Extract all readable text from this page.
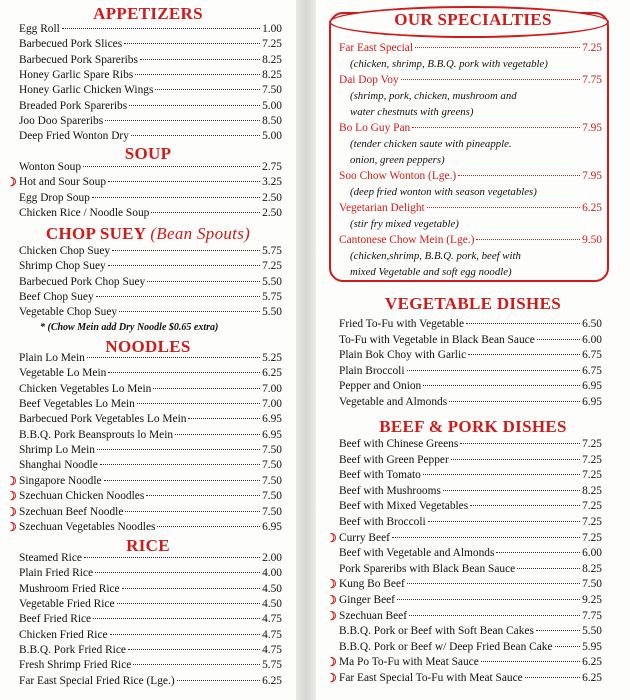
APPETIZERS
Egg Roll	1.00
Barbecued Pork Slices	7.25
Barbecued Pork Spareribs	8.25
Honey Garlic Spare Ribs	8.25
Honey Garlic Chicken Wings	7.50
Breaded Pork Spareribs	5.00
Joo Doo Spareribs	8.50
Deep Fried Wonton Dry	5.00
SOUP
Wonton Soup	2.75
Hot and Sour Soup	3.25
☽
Egg Drop Soup	2.50
Chicken Rice / Noodle Soup	2.50
CHOP SUEY (Bean Spouts)
Chicken Chop Suey	5.75
Shrimp Chop Suey	7.25
Barbecued Pork Chop Suey	5.50
Beef Chop Suey	5.75
Vegetable Chop Suey	5.50
* (Chow Mein add Dry Noodle $0.65 extra)
NOODLES
Plain Lo Mein	5.25
Vegetable Lo Mein	6.25
Chicken Vegetables Lo Mein	7.00
Beef Vegetables Lo Mein	7.00
Barbecued Pork Vegetables Lo Mein	6.95
B.B.Q. Pork Beansprouts lo Mein	6.95
Shrimp Lo Mein	7.50
Shanghai Noodle	7.50
Singapore Noodle	7.50
☽
Szechuan Chicken Noodles	7.50
☽
Szechuan Beef Noodle	7.50
☽
Szechuan Vegetables Noodles	6.95
☽
RICE
Steamed Rice	2.00
Plain Fried Rice	4.00
Mushroom Fried Rice	4.50
Vegetable Fried Rice	4.50
Beef Fried Rice	4.75
Chicken Fried Rice	4.75
B.B.Q. Pork Fried Rice	4.75
Fresh Shrimp Fried Rice	5.75
Far East Special Fried Rice (Lge.)	6.25
OUR SPECIALTIES
Far East Special	7.25
(chicken, shrimp, B.B.Q. pork with vegetable)
Dai Dop Voy	7.75
(shrimp, pork, chicken, mushroom and
water chestnuts with greens)
Bo Lo Guy Pan	7.95
(tender chicken saute with pineapple.
onion, green peppers)
Soo Chow Wonton (Lge.)	7.95
(deep fried wonton with season vegetables)
Vegetarian Delight	6.25
(stir fry mixed vegetable)
Cantonese Chow Mein (Lge.)	9.50
(chicken,shrimp, B.B.Q. pork, beef with
mixed Vegetable and soft egg noodle)
VEGETABLE DISHES
Fried To-Fu with Vegetable	6.50
To-Fu with Vegetable in Black Bean Sauce	6.00
Plain Bok Choy with Garlic	6.75
Plain Broccoli	6.75
Pepper and Onion	6.95
Vegetable and Almonds	6.95
BEEF & PORK DISHES
Beef with Chinese Greens	7.25
Beef with Green Pepper	7.25
Beef with Tomato	7.25
Beef with Mushrooms	8.25
Beef with Mixed Vegetables	7.25
Beef with Broccoli	7.25
Curry Beef	7.25
☽
Beef with Vegetable and Almonds	6.00
Pork Spareribs with Black Bean Sauce	8.25
Kung Bo Beef	7.50
☽
Ginger Beef	9.25
☽
Szechuan Beef	7.75
☽
B.B.Q. Pork or Beef with Soft Bean Cakes	5.50
B.B.Q. Pork or Beef w/ Deep Fried Bean Cake	5.95
Ma Po To-Fu with Meat Sauce	6.25
☽
Far East Special To-Fu with Meat Sauce	6.25
☽
